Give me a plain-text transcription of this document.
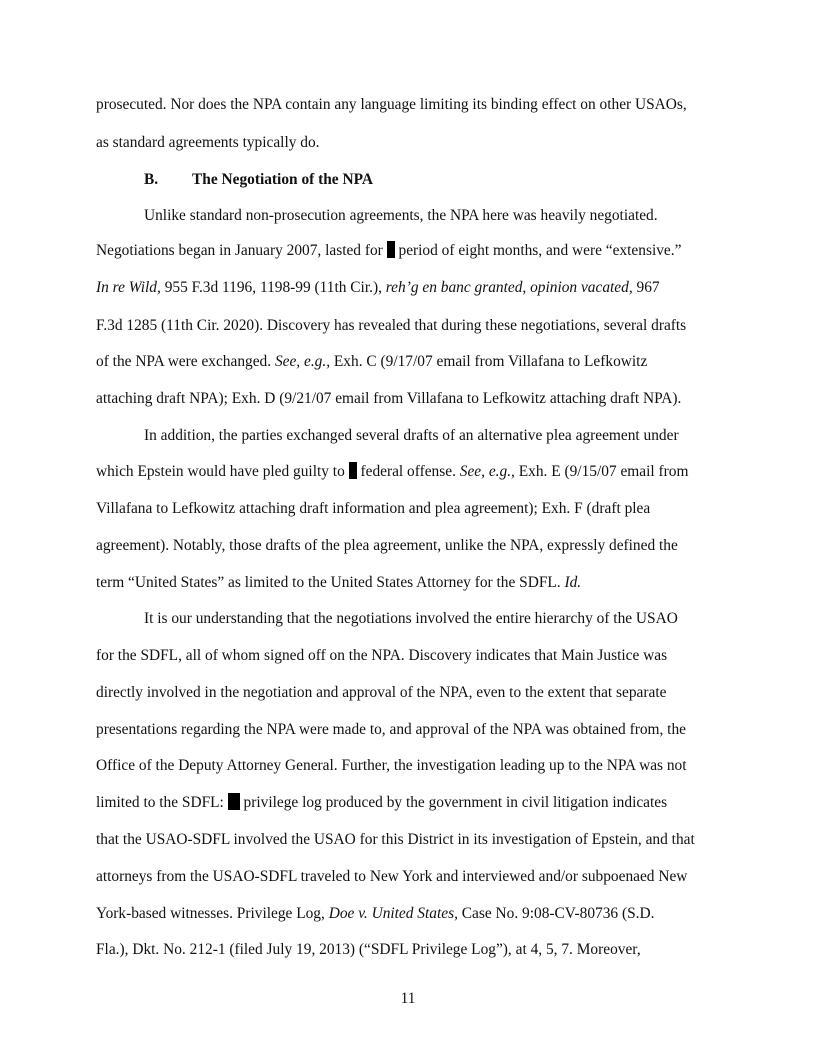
prosecuted. Nor does the NPA contain any language limiting its binding effect on other USAOs,
as standard agreements typically do.
B. The Negotiation of the NPA
Unlike standard non-prosecution agreements, the NPA here was heavily negotiated.
Negotiations began in January 2007, lasted for  period of eight months, and were “extensive.”
In re Wild, 955 F.3d 1196, 1198-99 (11th Cir.), reh’g en banc granted, opinion vacated, 967
F.3d 1285 (11th Cir. 2020). Discovery has revealed that during these negotiations, several drafts
of the NPA were exchanged. See, e.g., Exh. C (9/17/07 email from Villafana to Lefkowitz
attaching draft NPA); Exh. D (9/21/07 email from Villafana to Lefkowitz attaching draft NPA).
In addition, the parties exchanged several drafts of an alternative plea agreement under
which Epstein would have pled guilty to  federal offense. See, e.g., Exh. E (9/15/07 email from
Villafana to Lefkowitz attaching draft information and plea agreement); Exh. F (draft plea
agreement). Notably, those drafts of the plea agreement, unlike the NPA, expressly defined the
term “United States” as limited to the United States Attorney for the SDFL. Id.
It is our understanding that the negotiations involved the entire hierarchy of the USAO
for the SDFL, all of whom signed off on the NPA. Discovery indicates that Main Justice was
directly involved in the negotiation and approval of the NPA, even to the extent that separate
presentations regarding the NPA were made to, and approval of the NPA was obtained from, the
Office of the Deputy Attorney General. Further, the investigation leading up to the NPA was not
limited to the SDFL:  privilege log produced by the government in civil litigation indicates
that the USAO-SDFL involved the USAO for this District in its investigation of Epstein, and that
attorneys from the USAO-SDFL traveled to New York and interviewed and/or subpoenaed New
York-based witnesses. Privilege Log, Doe v. United States, Case No. 9:08-CV-80736 (S.D.
Fla.), Dkt. No. 212-1 (filed July 19, 2013) (“SDFL Privilege Log”), at 4, 5, 7. Moreover,
11
